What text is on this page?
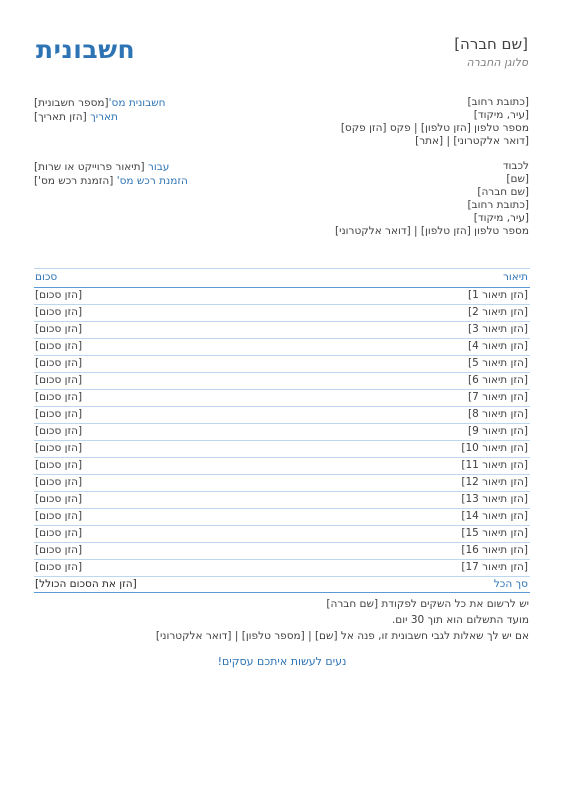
חשבונית	[שם חברה]
סלוגן החברה
[כתובת רחוב]
[עיר, מיקוד]
מספר טלפון [הזן טלפון] | פקס [הזן פקס]
[דואר אלקטרוני] | [אתר]
חשבונית מס'[מספר חשבונית]
תאריך [הזן תאריך]
לכבוד
[שם]
[שם חברה]
[כתובת רחוב]
[עיר, מיקוד]
מספר טלפון [הזן טלפון] | [דואר אלקטרוני]
עבור [תיאור פרוייקט או שרות]
הזמנת רכש מס' [הזמנת רכש מס']
תיאור
סכום
[הזן תיאור 1]
[הזן סכום]
[הזן תיאור 2]
[הזן סכום]
[הזן תיאור 3]
[הזן סכום]
[הזן תיאור 4]
[הזן סכום]
[הזן תיאור 5]
[הזן סכום]
[הזן תיאור 6]
[הזן סכום]
[הזן תיאור 7]
[הזן סכום]
[הזן תיאור 8]
[הזן סכום]
[הזן תיאור 9]
[הזן סכום]
[הזן תיאור 10]
[הזן סכום]
[הזן תיאור 11]
[הזן סכום]
[הזן תיאור 12]
[הזן סכום]
[הזן תיאור 13]
[הזן סכום]
[הזן תיאור 14]
[הזן סכום]
[הזן תיאור 15]
[הזן סכום]
[הזן תיאור 16]
[הזן סכום]
[הזן תיאור 17]
[הזן סכום]
סך הכל
[הזן את הסכום הכולל]
יש לרשום את כל השקים לפקודת [שם חברה]
מועד התשלום הוא תוך 30 יום.
אם יש לך שאלות לגבי חשבונית זו, פנה אל [שם] | [מספר טלפון] | [דואר אלקטרוני]
נעים לעשות איתכם עסקים!
